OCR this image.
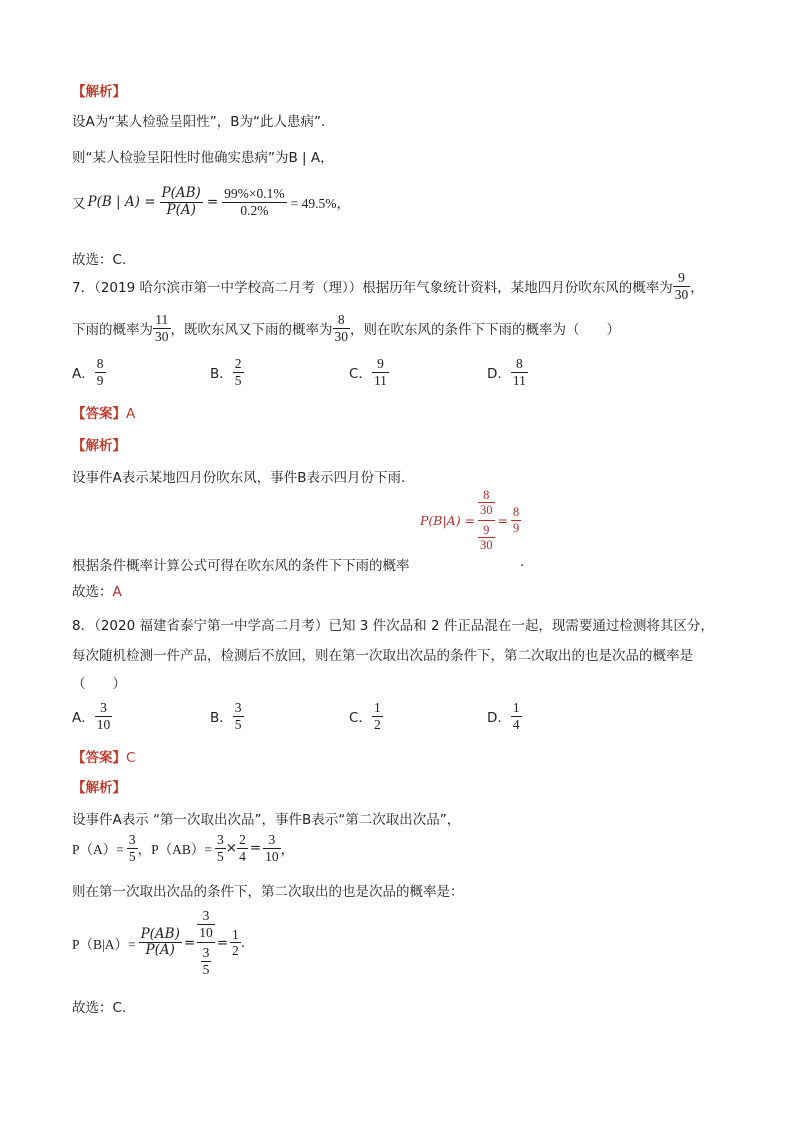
【解析】
设A为“某人检验呈阳性”，B为“此人患病”.
则“某人检验呈阳性时他确实患病”为B | A，
又 P(B | $A) = \frac{P(AB)}{P(A)} = \frac{99\%\times 0.1\%}{0.2\%} = 49.5\%$，
故选：C.
7．（2019 哈尔滨市第一中学校高二月考（理））根据历年气象统计资料，某地四月份吹东风的概率为 $\frac{9}{30}$ ，
下雨的概率为 $\frac{11}{30}$ ，既吹东风又下雨的概率为 $\frac{8}{30}$ ，则在吹东风的条件下下雨的概率为（　　）
A． $\frac{8}{9}$	B． $\frac{2}{5}$	C． $\frac{9}{11}$	D． $\frac{8}{11}$
【答案】A
【解析】
设事件A表示某地四月份吹东风，事件B表示四月份下雨.
$P(B|A) = \frac{\frac{8}{30}}{\frac{9}{30}} = \frac{8}{9}$
根据条件概率计算公式可得在吹东风的条件下下雨的概率	.
故选：A
8．（2020 福建省泰宁第一中学高二月考）已知 3 件次品和 2 件正品混在一起，现需要通过检测将其区分，
每次随机检测一件产品，检测后不放回，则在第一次取出次品的条件下，第二次取出的也是次品的概率是
（　　）
A． $\frac{3}{10}$	B． $\frac{3}{5}$	C． $\frac{1}{2}$	D． $\frac{1}{4}$
【答案】C
【解析】
设事件A表示 “第一次取出次品”，事件B表示“第二次取出次品”，
$P(A)= \frac{3}{5}$ ，$P(AB)= \frac{3}{5} \times \frac{2}{4} = \frac{3}{10}$ ，
则在第一次取出次品的条件下，第二次取出的也是次品的概率是：
$P(B|A)= \frac{P(AB)}{P(A)} = \frac{\frac{3}{10}}{\frac{3}{5}} = \frac{1}{2}$ .
故选：C.
